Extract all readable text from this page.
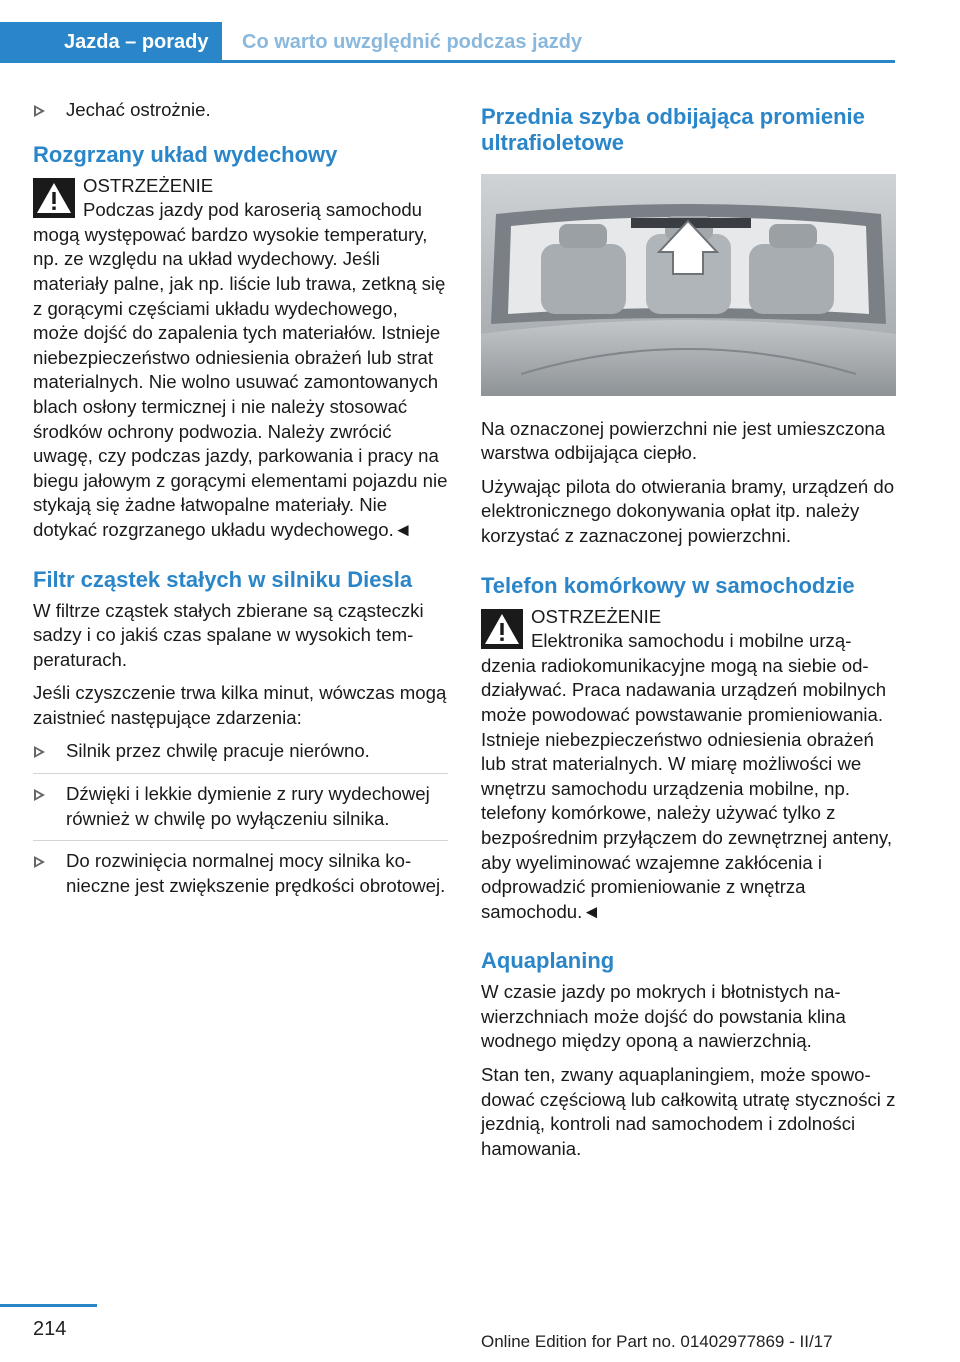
Jazda – porady	Co warto uwzględnić podczas jazdy
Jechać ostrożnie.
Rozgrzany układ wydechowy
OSTRZEŻENIE
Podczas jazdy pod karoserią samochodu mogą występować bardzo wysokie temperatury, np. ze względu na układ wydechowy. Jeśli materiały palne, jak np. liście lub trawa, zetkną się z gorącymi częściami układu wydechowego, może dojść do zapalenia tych materiałów. Istnieje niebezpieczeństwo odniesienia obrażeń lub strat materialnych. Nie wolno usuwać zamontowanych blach osłony termicznej i nie należy stosować środków ochrony podwozia. Należy zwrócić uwagę, czy podczas jazdy, parkowania i pracy na biegu jałowym z gorącymi elementami pojazdu nie stykają się żadne łatwopalne materiały. Nie dotykać rozgrzanego układu wydechowego.◄
Filtr cząstek stałych w silniku Diesla

W filtrze cząstek stałych zbierane są cząsteczki sadzy i co jakiś czas spalane w wysokich temperaturach.

Jeśli czyszczenie trwa kilka minut, wówczas mogą zaistnieć następujące zdarzenia:

Silnik przez chwilę pracuje nierówno.
Dźwięki i lekkie dymienie z rury wydechowej również w chwilę po wyłączeniu silnika.
Do rozwinięcia normalnej mocy silnika konieczne jest zwiększenie prędkości obrotowej.
Przednia szyba odbijająca promienie ultrafioletowe

Na oznaczonej powierzchni nie jest umieszczona warstwa odbijająca ciepło.

Używając pilota do otwierania bramy, urządzeń do elektronicznego dokonywania opłat itp. należy korzystać z zaznaczonej powierzchni.

Telefon komórkowy w samochodzie
OSTRZEŻENIE
Elektronika samochodu i mobilne urządzenia radiokomunikacyjne mogą na siebie oddziaływać. Praca nadawania urządzeń mobilnych może powodować powstawanie promieniowania. Istnieje niebezpieczeństwo odniesienia obrażeń lub strat materialnych. W miarę możliwości we wnętrzu samochodu urządzenia mobilne, np. telefony komórkowe, należy używać tylko z bezpośrednim przyłączem do zewnętrznej anteny, aby wyeliminować wzajemne zakłócenia i odprowadzić promieniowanie z wnętrza samochodu.◄
Aquaplaning

W czasie jazdy po mokrych i błotnistych nawierzchniach może dojść do powstania klina wodnego między oponą a nawierzchnią.

Stan ten, zwany aquaplaningiem, może spowodować częściową lub całkowitą utratę styczności z jezdnią, kontroli nad samochodem i zdolności hamowania.

214
Online Edition for Part no. 01402977869 - II/17
